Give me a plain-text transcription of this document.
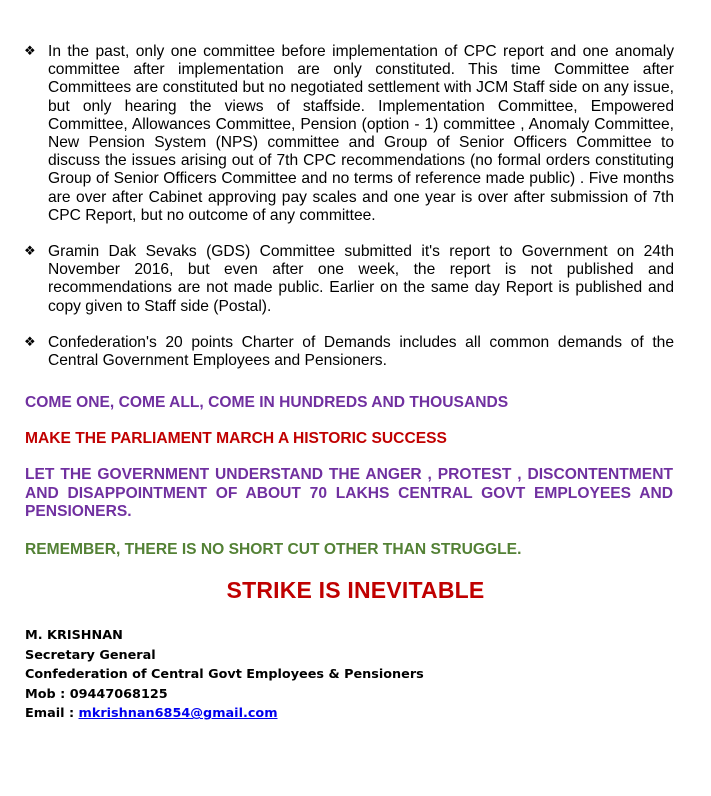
❖ In the past, only one committee before implementation of CPC report and one anomaly committee after implementation are only constituted. This time Committee after Committees are constituted but no negotiated settlement with JCM Staff side on any issue, but only hearing the views of staffside. Implementation Committee, Empowered Committee, Allowances Committee, Pension (option - 1) committee , Anomaly Committee, New Pension System (NPS) committee and Group of Senior Officers Committee to discuss the issues arising out of 7th CPC recommendations (no formal orders constituting Group of Senior Officers Committee and no terms of reference made public) . Five months are over after Cabinet approving pay scales and one year is over after submission of 7th CPC Report, but no outcome of any committee.
❖ Gramin Dak Sevaks (GDS) Committee submitted it's report to Government on 24th November 2016, but even after one week, the report is not published and recommendations are not made public. Earlier on the same day Report is published and copy given to Staff side (Postal).
❖ Confederation's 20 points Charter of Demands includes all common demands of the Central Government Employees and Pensioners.

COME ONE, COME ALL, COME IN HUNDREDS AND THOUSANDS

MAKE THE PARLIAMENT MARCH A HISTORIC SUCCESS

LET THE GOVERNMENT UNDERSTAND THE ANGER , PROTEST , DISCONTENTMENT AND DISAPPOINTMENT OF ABOUT 70 LAKHS CENTRAL GOVT EMPLOYEES AND PENSIONERS.

REMEMBER, THERE IS NO SHORT CUT OTHER THAN STRUGGLE.

STRIKE IS INEVITABLE
M. KRISHNAN
Secretary General
Confederation of Central Govt Employees & Pensioners
Mob : 09447068125
Email : mkrishnan6854@gmail.com
